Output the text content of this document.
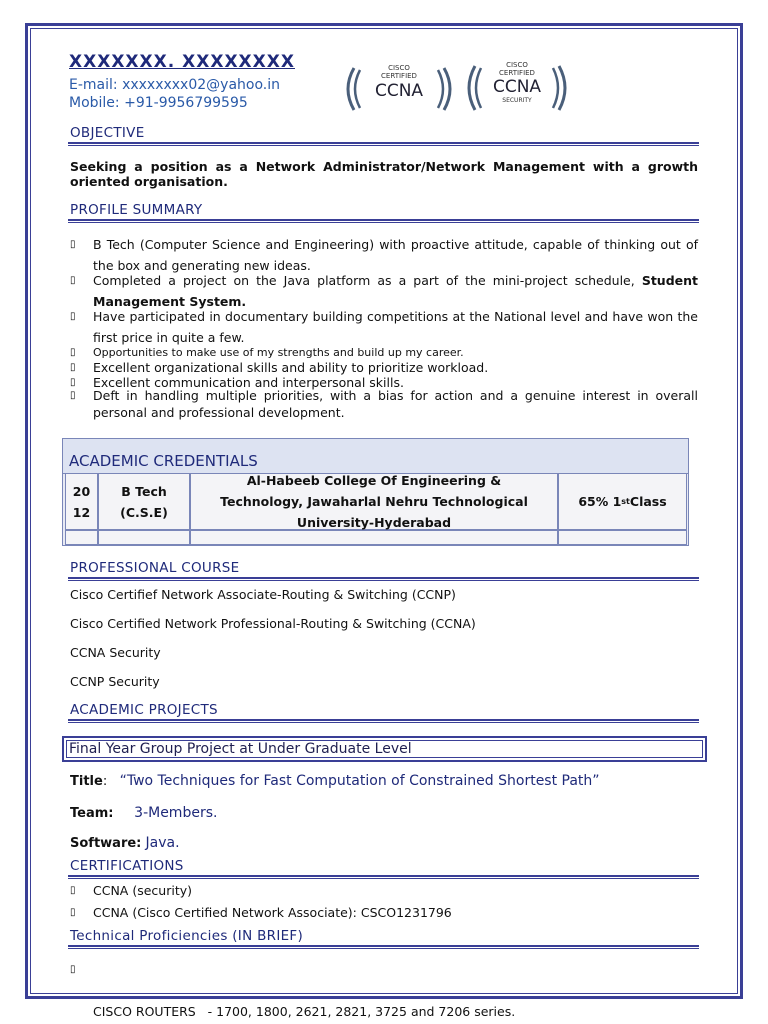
XXXXXXX. XXXXXXXX
E-mail: xxxxxxxx02@yahoo.in
Mobile: +91-9956799595
CISCO
CERTIFIED
CCNA
CISCO
CERTIFIED
CCNA
SECURITY
OBJECTIVE
Seeking a position as a Network Administrator/Network Management with a growth oriented organisation.
PROFILE SUMMARY
▯ B Tech (Computer Science and Engineering) with proactive attitude, capable of thinking out of the box and generating new ideas.
▯ Completed a project on the Java platform as a part of the mini-project schedule, Student Management System.
▯ Have participated in documentary building competitions at the National level and have won the first price in quite a few.
▯ Opportunities to make use of my strengths and build up my career.
▯ Excellent organizational skills and ability to prioritize workload.
▯ Excellent communication and interpersonal skills.
▯ Deft in handling multiple priorities, with a bias for action and a genuine interest in overall personal and professional development.
ACADEMIC CREDENTIALS
20 12
B Tech (C.S.E)
Al-Habeeb College Of Engineering & Technology, Jawaharlal Nehru Technological University-Hyderabad
65% 1 st Class
PROFESSIONAL COURSE
Cisco Certifief Network Associate-Routing & Switching (CCNP)
Cisco Certified Network Professional-Routing & Switching (CCNA)
CCNA Security
CCNP Security
ACADEMIC PROJECTS
Final Year Group Project at Under Graduate Level
Title:   “Two Techniques for Fast Computation of Constrained Shortest Path”
Team: 3-Members.
Software: Java.
CERTIFICATIONS
▯ CCNA (security)
▯ CCNA (Cisco Certified Network Associate): CSCO1231796
Technical Proficiencies (IN BRIEF)

▯

CISCO ROUTERS   - 1700, 1800, 2621, 2821, 3725 and 7206 series.
